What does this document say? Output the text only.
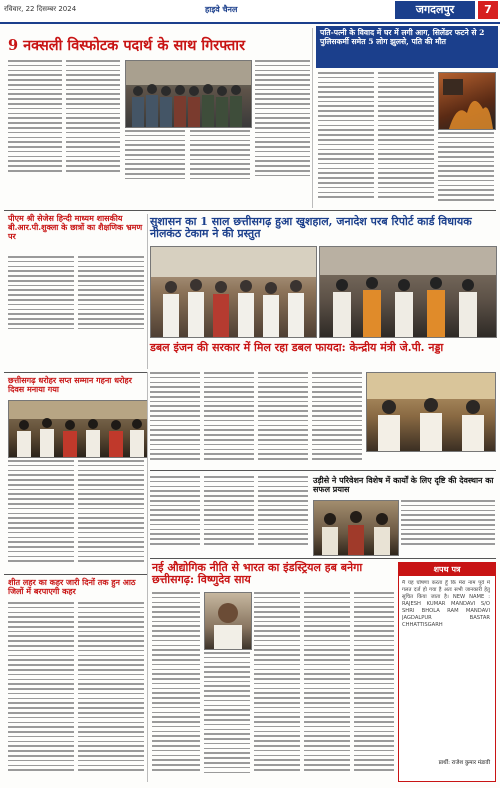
रविवार, 22 दिसम्बर 2024	हाइवे चैनल	जगदलपुर	7
9 नक्सली विस्फोटक पदार्थ के साथ गिरफ्तार
पति-पत्नी के विवाद में घर में लगी आग, सिलेंडर फटने से 2 पुलिसकर्मी समेत 5 लोग झुलसे, पति की मौत
पीएम श्री सेजेस हिन्दी माध्यम शासकीय बी.आर.पी.शुक्ला के छात्रों का शैक्षणिक भ्रमण पर
सुशासन का 1 साल छत्तीसगढ़ हुआ खुशहाल, जनादेश परब रिपोर्ट कार्ड विधायक नीलकंठ टेकाम ने की प्रस्तुत
डबल इंजन की सरकार में मिल रहा डबल फायदा: केन्द्रीय मंत्री जे.पी. नड्डा
छत्तीसगढ़ धरोहर सप्त सम्मान गहना धरोहर दिवस मनाया गया
उड़ीसे ने परिवेशन विशेष में कार्यों के लिए दृष्टि की देवस्थान का सफल प्रयास
शीत लहर का कहर जारी दिनों तक हुन आठ जिलों में बरपाएगी कहर
नई औद्योगिक नीति से भारत का इंडस्ट्रियल हब बनेगा छत्तीसगढ़: विष्णुदेव साय
शपथ पत्र
मैं यह घोषणा करता हूँ कि मेरा नाम पूर्व में गलत दर्ज हो गया है अतः सभी जानकारी हेतु सूचित किया जाता है। NEW NAME : RAJESH KUMAR MANDAVI S/O SHRI BHOLA RAM MANDAVI JAGDALPUR BASTAR CHHATTISGARH
प्रार्थी: राजेश कुमार मंडावी
